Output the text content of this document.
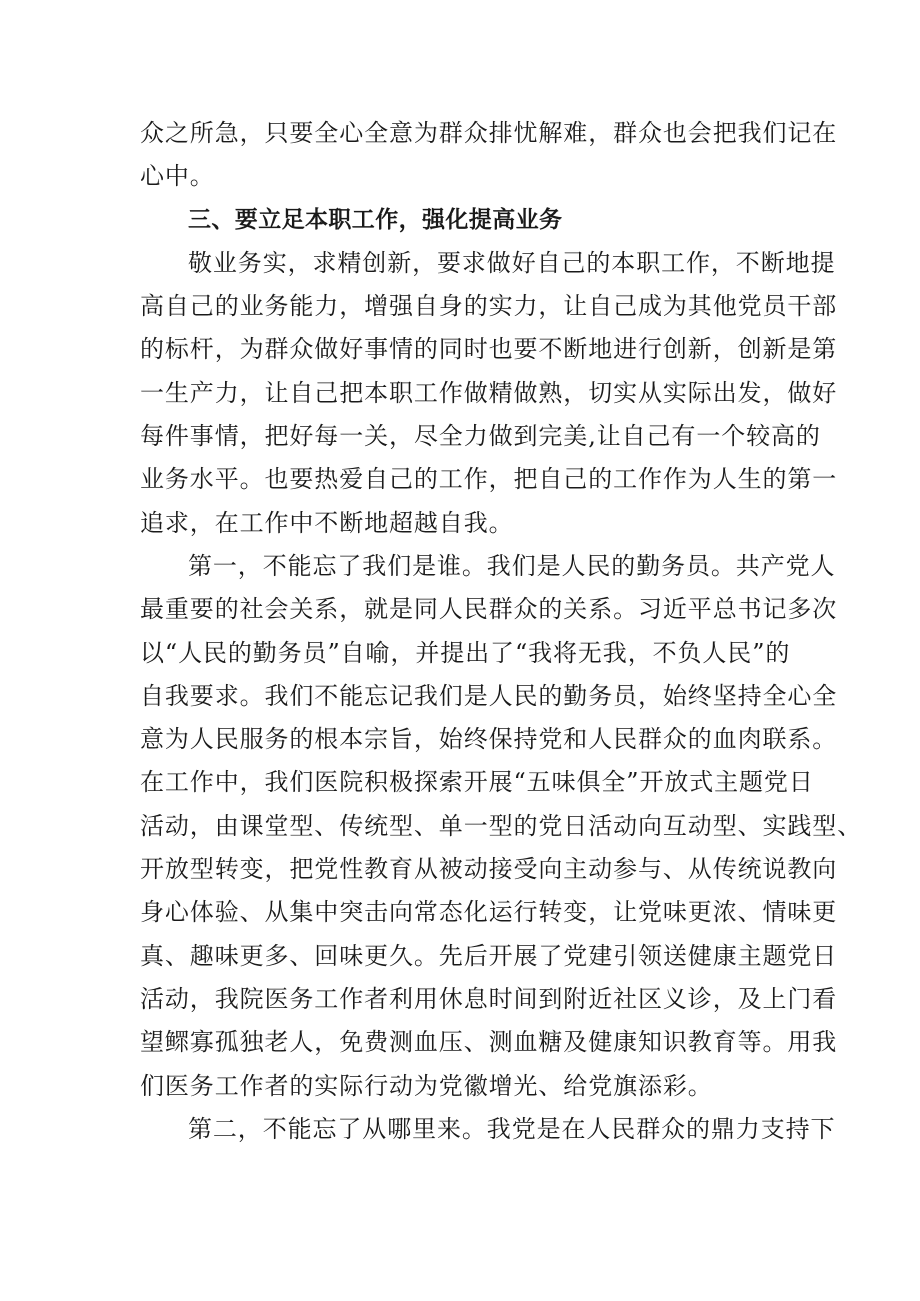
众之所急，只要全心全意为群众排忧解难，群众也会把我们记在
心中。
三、要立足本职工作，强化提高业务
敬业务实，求精创新，要求做好自己的本职工作，不断地提
高自己的业务能力，增强自身的实力，让自己成为其他党员干部
的标杆，为群众做好事情的同时也要不断地进行创新，创新是第
一生产力，让自己把本职工作做精做熟，切实从实际出发，做好
每件事情，把好每一关，尽全力做到完美,让自己有一个较高的
业务水平。也要热爱自己的工作，把自己的工作作为人生的第一
追求，在工作中不断地超越自我。
第一，不能忘了我们是谁。我们是人民的勤务员。共产党人
最重要的社会关系，就是同人民群众的关系。习近平总书记多次
以“人民的勤务员”自喻，并提出了“我将无我，不负人民”的
自我要求。我们不能忘记我们是人民的勤务员，始终坚持全心全
意为人民服务的根本宗旨，始终保持党和人民群众的血肉联系。
在工作中，我们医院积极探索开展“五味俱全”开放式主题党日
活动，由课堂型、传统型、单一型的党日活动向互动型、实践型、
开放型转变，把党性教育从被动接受向主动参与、从传统说教向
身心体验、从集中突击向常态化运行转变，让党味更浓、情味更
真、趣味更多、回味更久。先后开展了党建引领送健康主题党日
活动，我院医务工作者利用休息时间到附近社区义诊，及上门看
望鳏寡孤独老人，免费测血压、测血糖及健康知识教育等。用我
们医务工作者的实际行动为党徽增光、给党旗添彩。
第二，不能忘了从哪里来。我党是在人民群众的鼎力支持下
